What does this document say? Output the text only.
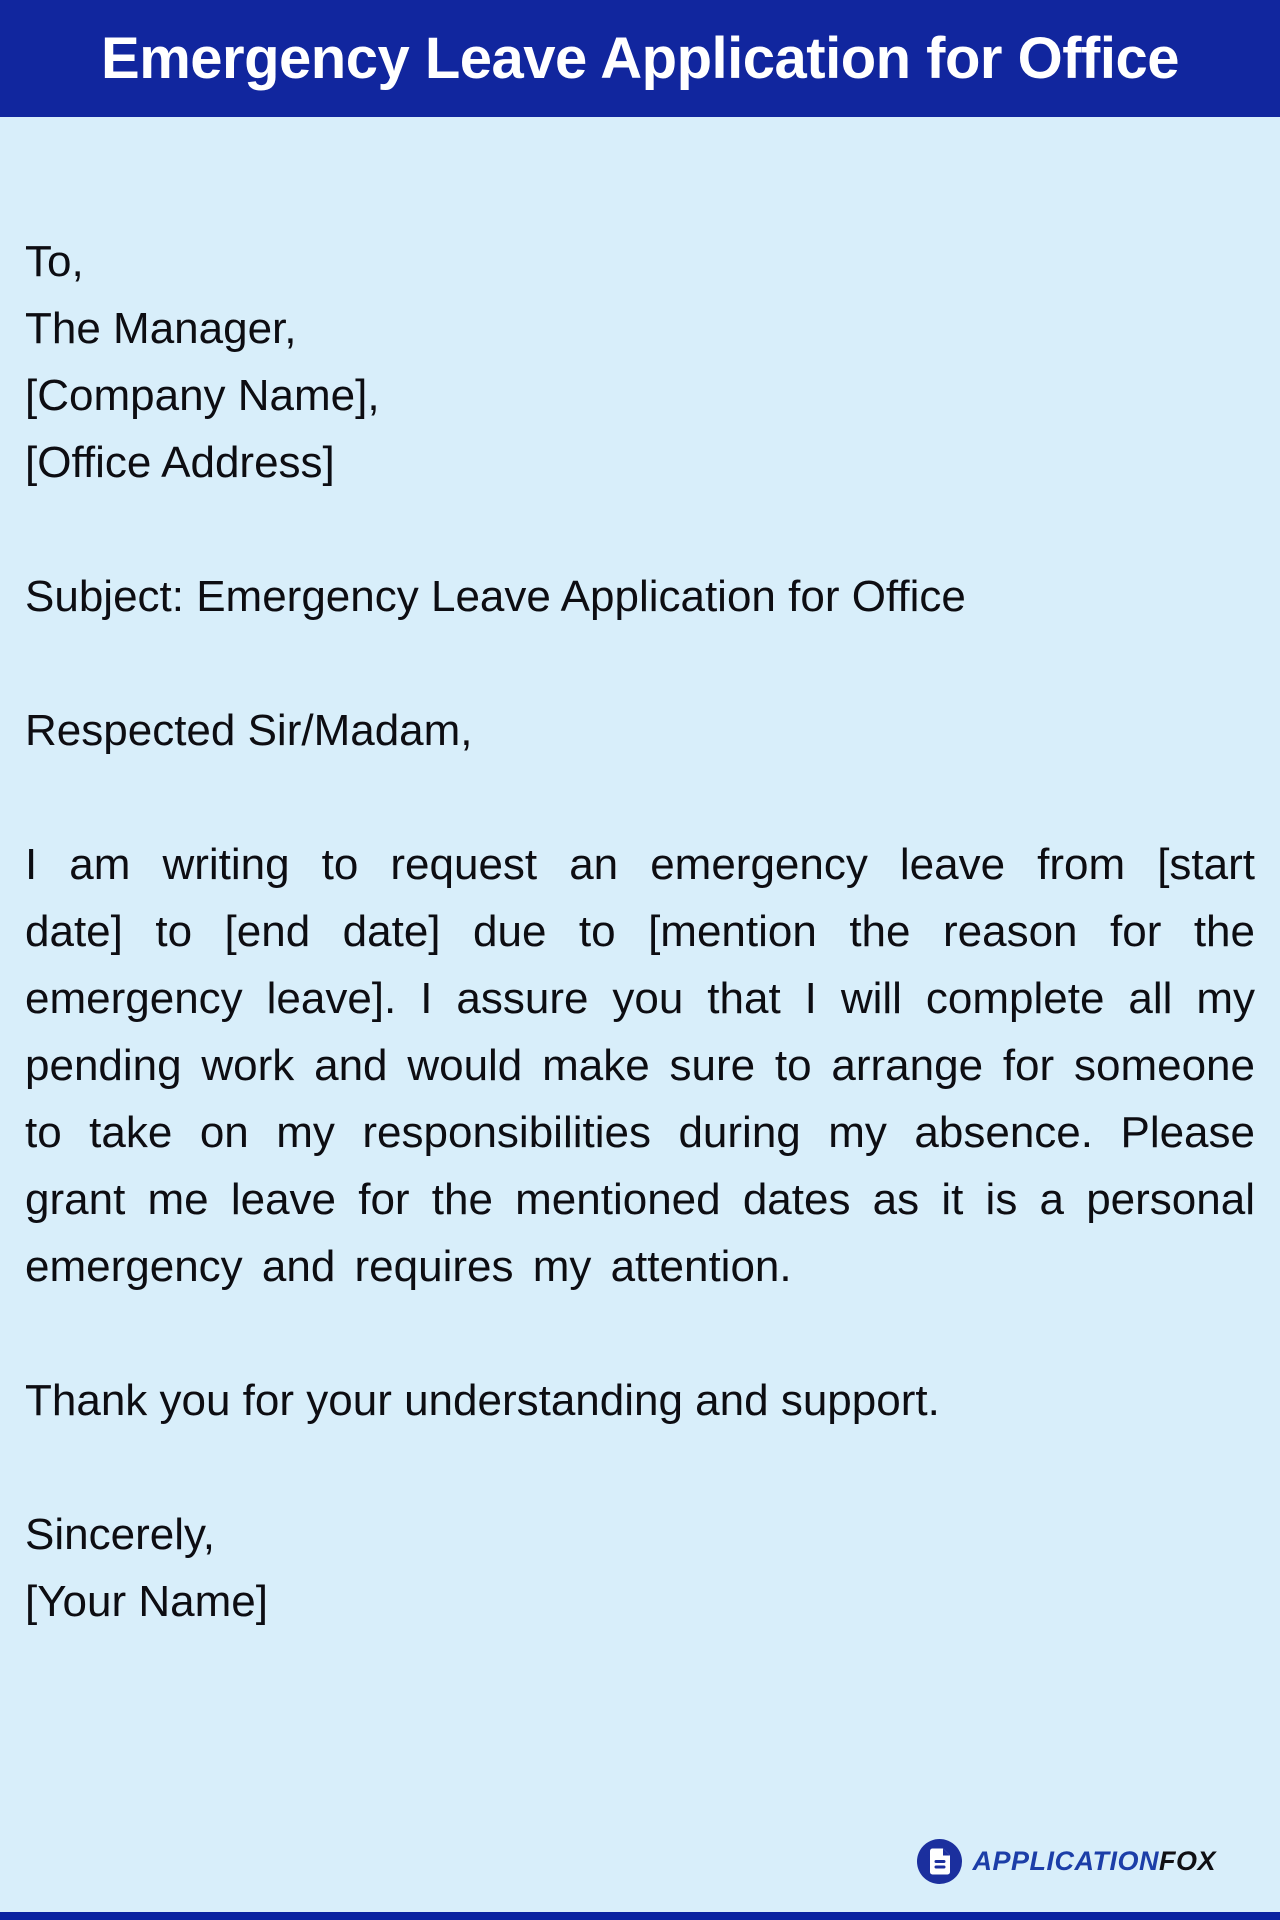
Emergency Leave Application for Office

To,

The Manager,

[Company Name],

[Office Address]

Subject: Emergency Leave Application for Office

Respected Sir/Madam,

I am writing to request an emergency leave from [start date] to [end date] due to [mention the reason for the emergency leave]. I assure you that I will complete all my pending work and would make sure to arrange for someone to take on my responsibilities during my absence. Please grant me leave for the mentioned dates as it is a personal emergency and requires my attention.

Thank you for your understanding and support.

Sincerely,

[Your Name]

APPLICATIONFOX
